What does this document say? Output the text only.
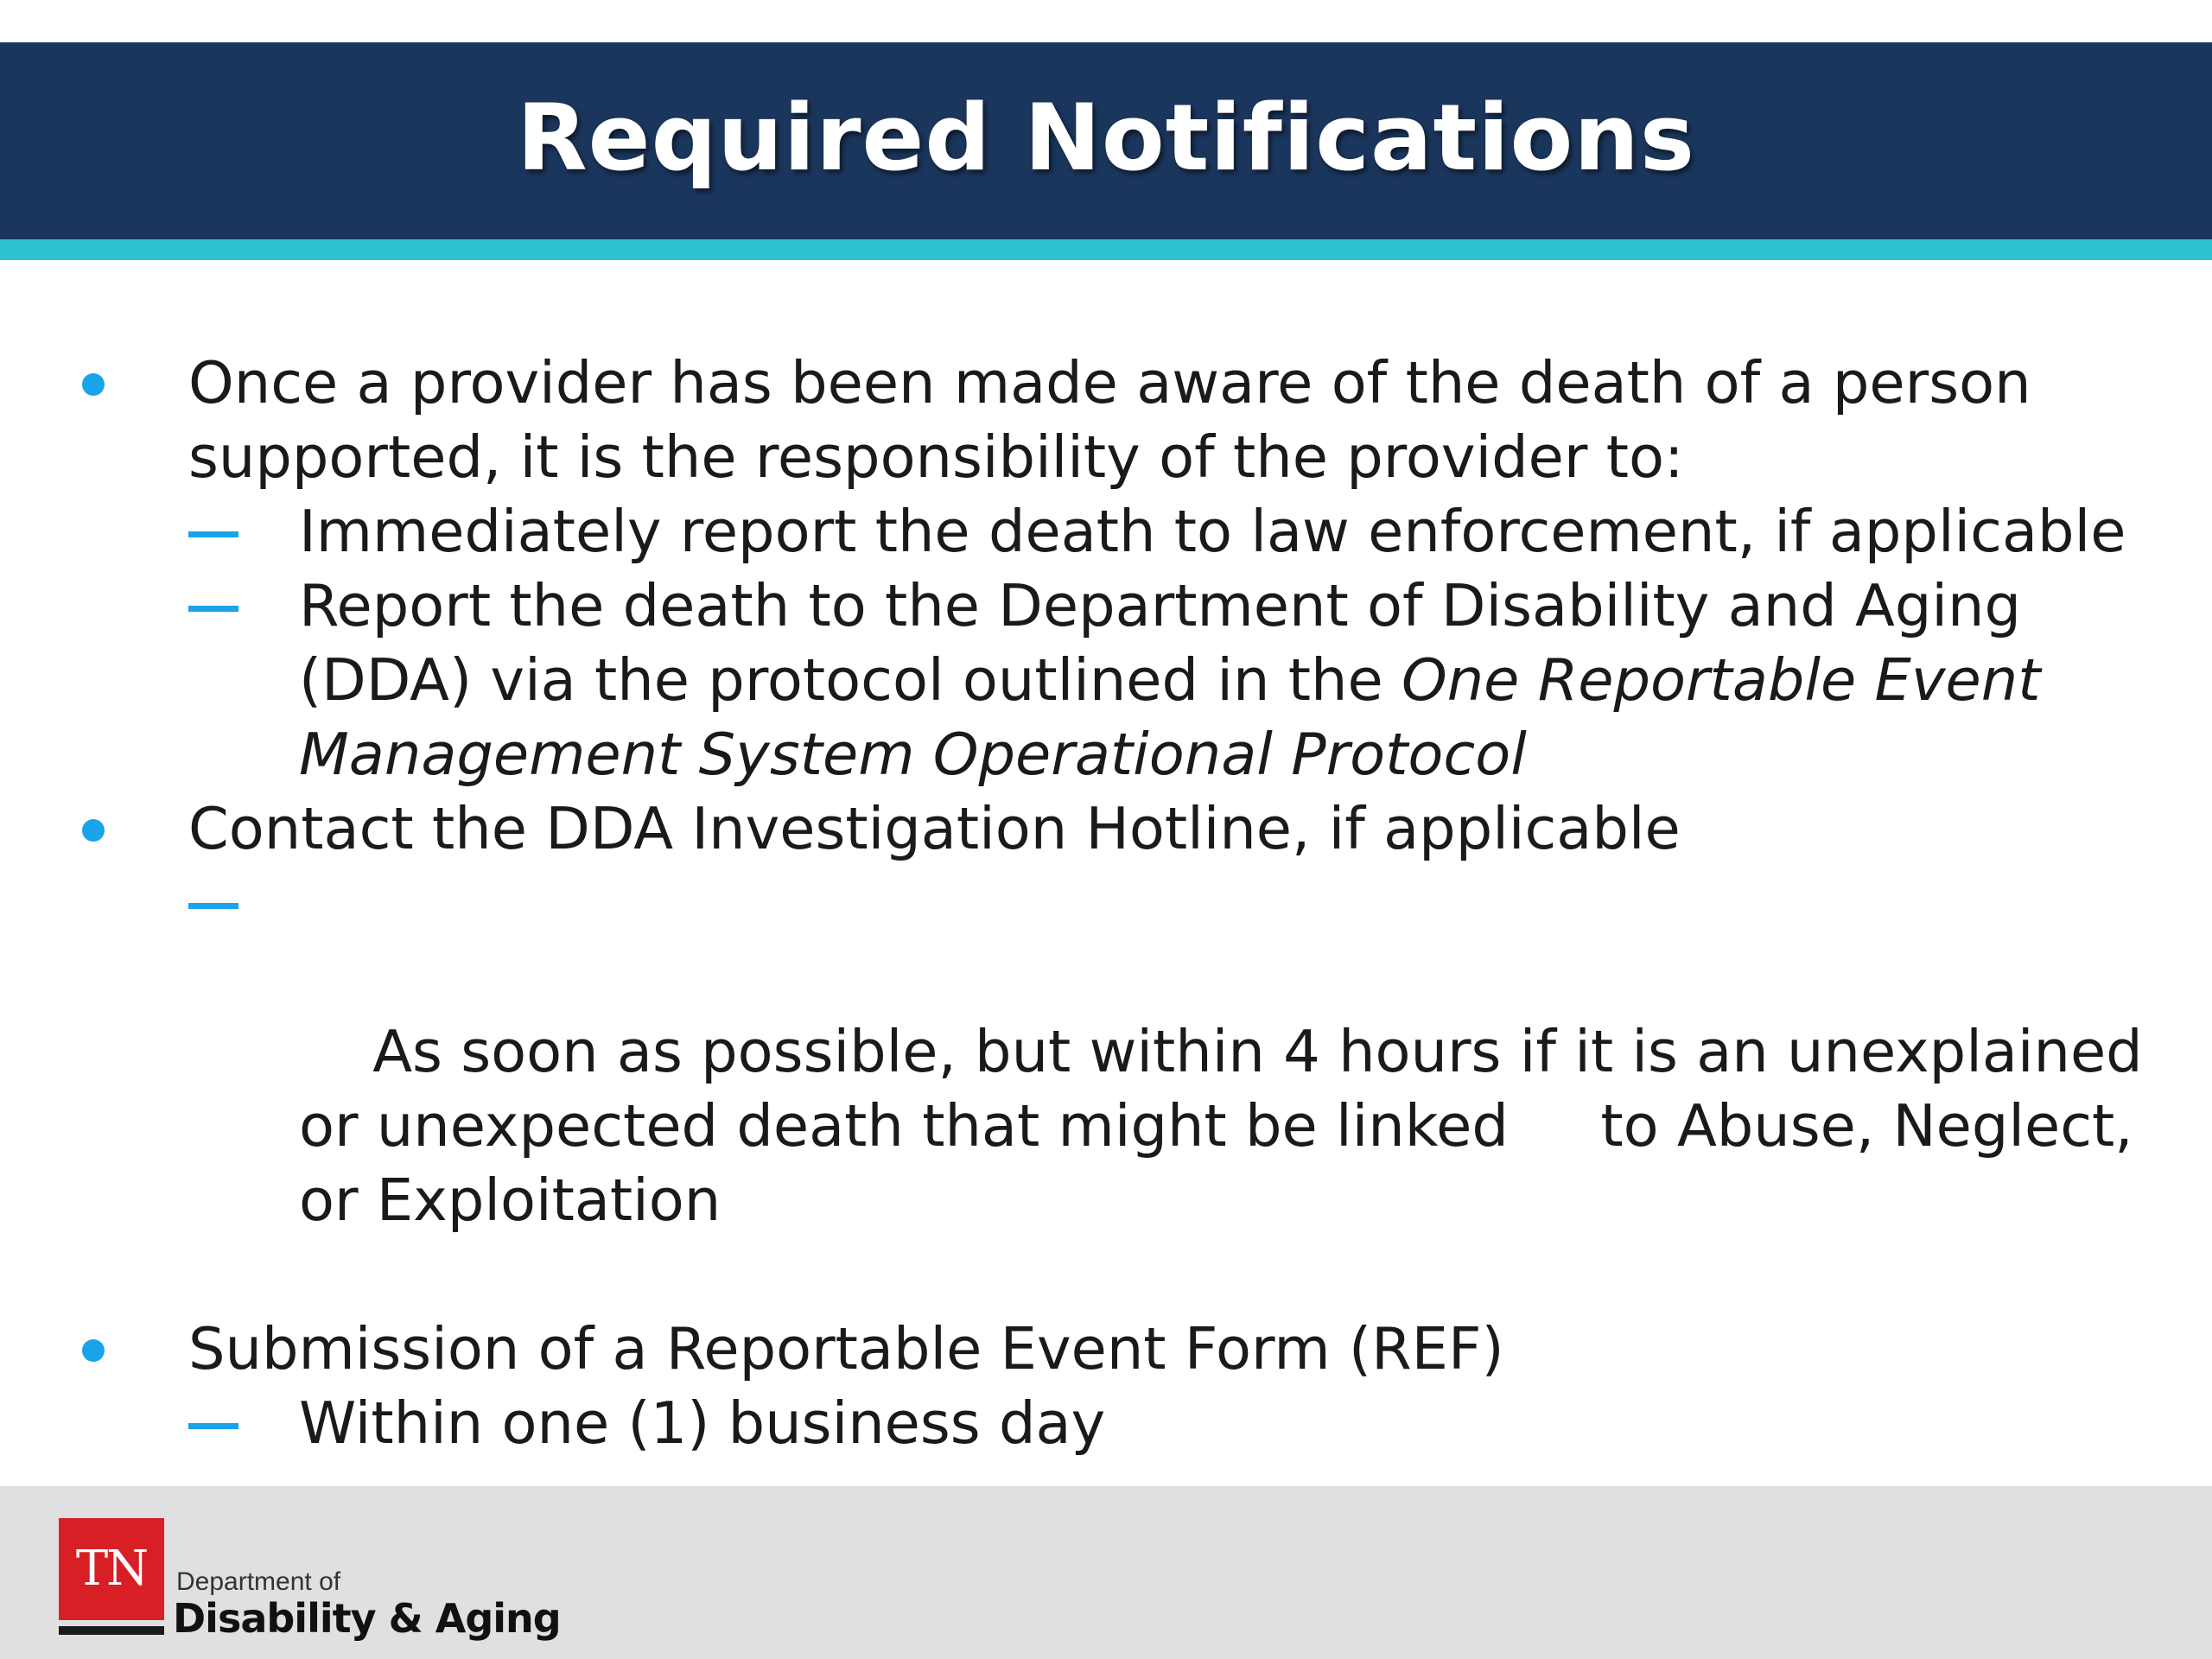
Required Notifications
Once a provider has been made aware of the death of a person supported, it is the responsibility of the provider to:
Immediately report the death to law enforcement, if applicable
Report the death to the Department of Disability and Aging (DDA) via the protocol outlined in the One Reportable Event Management System Operational Protocol
Contact the DDA Investigation Hotline, if applicable

As soon as possible, but within 4 hours if it is an unexplained or unexpected death that might be linked     to Abuse, Neglect, or Exploitation

Submission of a Reportable Event Form (REF)
Within one (1) business day
TN	Department of
Disability & Aging
